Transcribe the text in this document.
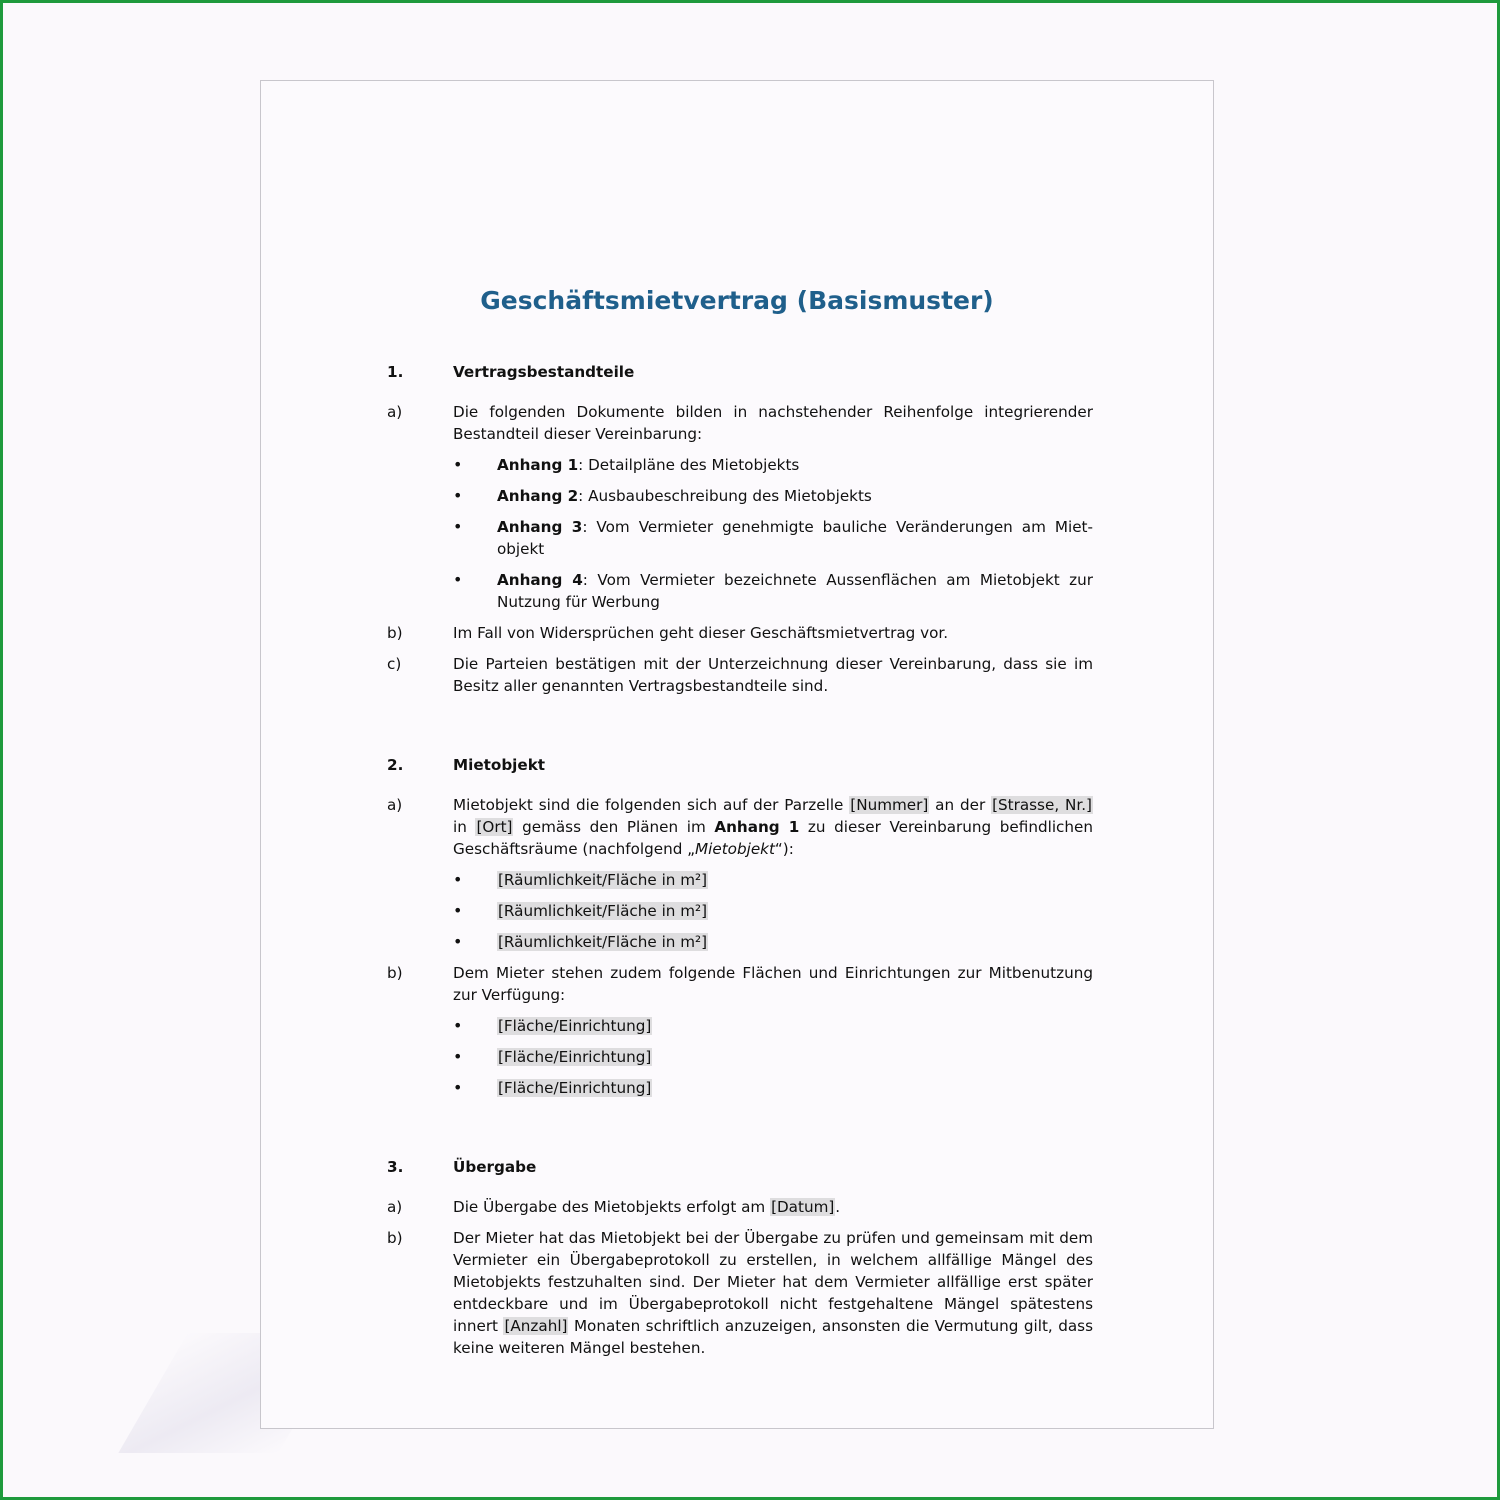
Geschäftsmietvertrag (Basismuster)
1.	Vertragsbestandteile
a)	Die folgenden Dokumente bilden in nachstehender Reihenfolge integrierender Bestandteil dieser Vereinbarung:
•	Anhang 1: Detailpläne des Mietobjekts
•	Anhang 2: Ausbaubeschreibung des Mietobjekts
•	Anhang 3: Vom Vermieter genehmigte bauliche Veränderungen am Mietobjekt
•	Anhang 4: Vom Vermieter bezeichnete Aussenflächen am Mietobjekt zur Nutzung für Werbung
b)	Im Fall von Widersprüchen geht dieser Geschäftsmietvertrag vor.
c)	Die Parteien bestätigen mit der Unterzeichnung dieser Vereinbarung, dass sie im Besitz aller genannten Vertragsbestandteile sind.
2.	Mietobjekt
a)	Mietobjekt sind die folgenden sich auf der Parzelle [Nummer] an der [Strasse, Nr.] in [Ort] gemäss den Plänen im Anhang 1 zu dieser Vereinbarung befindlichen Geschäftsräume (nachfolgend „Mietobjekt“):
•	[Räumlichkeit/Fläche in m²]
•	[Räumlichkeit/Fläche in m²]
•	[Räumlichkeit/Fläche in m²]
b)	Dem Mieter stehen zudem folgende Flächen und Einrichtungen zur Mitbenutzung zur Verfügung:
•	[Fläche/Einrichtung]
•	[Fläche/Einrichtung]
•	[Fläche/Einrichtung]
3.	Übergabe
a)	Die Übergabe des Mietobjekts erfolgt am [Datum].
b)	Der Mieter hat das Mietobjekt bei der Übergabe zu prüfen und gemeinsam mit dem Vermieter ein Übergabeprotokoll zu erstellen, in welchem allfällige Mängel des Mietobjekts festzuhalten sind. Der Mieter hat dem Vermieter allfällige erst später entdeckbare und im Übergabeprotokoll nicht festgehaltene Mängel spätestens innert [Anzahl] Monaten schriftlich anzuzeigen, ansonsten die Vermutung gilt, dass keine weiteren Mängel bestehen.
